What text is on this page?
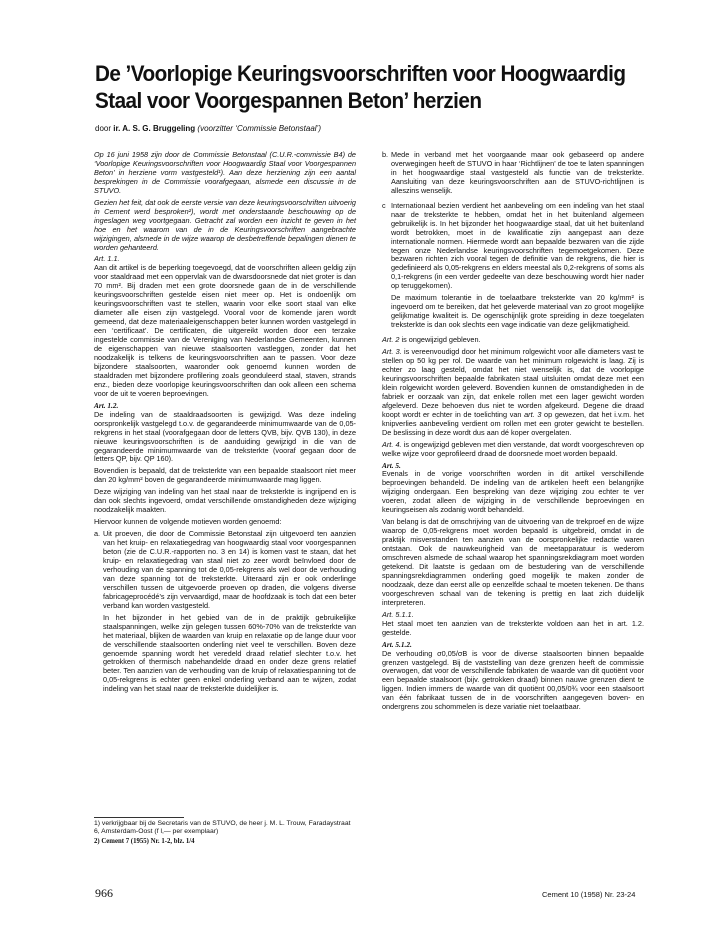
De ’Voorlopige Keuringsvoorschriften voor Hoogwaardig
Staal voor Voorgespannen Beton’ herzien
door ir. A. S. G. Bruggeling (voorzitter ‘Commissie Betonstaal’)

Op 16 juni 1958 zijn door de Commissie Betonstaal (C.U.R.-commissie B4) de ‘Voorlopige Keuringsvoorschriften voor Hoogwaardig Staal voor Voorgespannen Beton’ in herziene vorm vastgesteld¹). Aan deze herziening zijn een aantal besprekingen in de Commissie voorafgegaan, alsmede een discussie in de STUVO.

Gezien het feit, dat ook de eerste versie van deze keuringsvoorschriften uitvoerig in Cement werd besproken²), wordt met onderstaande beschouwing op de ingeslagen weg voortgegaan. Getracht zal worden een inzicht te geven in het hoe en het waarom van de in de Keuringsvoorschriften aangebrachte wijzigingen, alsmede in de wijze waarop de desbetreffende bepalingen dienen te worden gehanteerd.

Art. 1.1.

Aan dit artikel is de beperking toegevoegd, dat de voorschriften alleen geldig zijn voor staaldraad met een oppervlak van de dwarsdoorsnede dat niet groter is dan 70 mm². Bij draden met een grote doorsnede gaan de in de verschillende keuringsvoorschriften gestelde eisen niet meer op. Het is ondoenlijk om keuringsvoorschriften vast te stellen, waarin voor elke soort staal van elke diameter alle eisen zijn vastgelegd. Vooral voor de komende jaren wordt gemeend, dat deze materiaaleigenschappen beter kunnen worden vastgelegd in een ‘certificaat’. De certificaten, die uitgereikt worden door een terzake ingestelde commissie van de Vereniging van Nederlandse Gemeenten, kunnen de eigenschappen van nieuwe staalsoorten vastleggen, zonder dat het noodzakelijk is telkens de keuringsvoorschriften aan te passen. Voor deze bijzondere staalsoorten, waaronder ook genoemd kunnen worden de staaldraden met bijzondere profilering zoals geonduleerd staal, staven, strands enz., bieden deze voorlopige keuringsvoorschriften dan ook alleen een schema voor de uit te voeren beproevingen.

Art. 1.2.

De indeling van de staaldraadsoorten is gewijzigd. Was deze indeling oorspronkelijk vastgelegd t.o.v. de gegarandeerde minimumwaarde van de 0,05-rekgrens in het staal (voorafgegaan door de letters QVB, bijv. QVB 130), in deze nieuwe keuringsvoorschriften is de aanduiding gewijzigd in die van de gegarandeerde minimumwaarde van de treksterkte (vooraf gegaan door de letters QP, bijv. QP 160).

Bovendien is bepaald, dat de treksterkte van een bepaalde staalsoort niet meer dan 20 kg/mm² boven de gegarandeerde minimumwaarde mag liggen.

Deze wijziging van indeling van het staal naar de treksterkte is ingrijpend en is dan ook slechts ingevoerd, omdat verschillende omstandigheden deze wijziging noodzakelijk maakten.

Hiervoor kunnen de volgende motieven worden genoemd:

a. Uit proeven, die door de Commissie Betonstaal zijn uitgevoerd ten aanzien van het kruip- en relaxatiegedrag van hoogwaardig staal voor voorgespannen beton (zie de C.U.R.-rapporten no. 3 en 14) is komen vast te staan, dat het kruip- en relaxatiegedrag van staal niet zo zeer wordt beïnvloed door de verhouding van de spanning tot de 0,05-rekgrens als wel door de verhouding van deze spanning tot de treksterkte. Uiteraard zijn er ook onderlinge verschillen tussen de uitgevoerde proeven op draden, die volgens diverse fabricageprocédé’s zijn vervaardigd, maar de hoofdzaak is toch dat een beter verband kan worden vastgesteld.

In het bijzonder in het gebied van de in de praktijk gebruikelijke staalspanningen, welke zijn gelegen tussen 60%-70% van de treksterkte van het materiaal, blijken de waarden van kruip en relaxatie op de lange duur voor de verschillende staalsoorten onderling niet veel te verschillen. Boven deze genoemde spanning wordt het veredeld draad relatief slechter t.o.v. het getrokken of thermisch nabehandelde draad en onder deze grens relatief beter. Ten aanzien van de verhouding van de kruip of relaxatiespanning tot de 0,05-rekgrens is echter geen enkel onderling verband aan te wijzen, zodat indeling van het staal naar de treksterkte duidelijker is.

1) verkrijgbaar bij de Secretaris van de STUVO, de heer j. M. L. Trouw, Faradaystraat 6, Amsterdam-Oost (f l,— per exemplaar)
2) Cement 7 (1955) Nr. 1-2, blz. 1/4
b. Mede in verband met het voorgaande maar ook gebaseerd op andere overwegingen heeft de STUVO in haar ‘Richtlijnen’ de toe te laten spanningen in het hoogwaardige staal vastgesteld als functie van de treksterkte. Aansluiting van deze keuringsvoorschriften aan de STUVO-richtlijnen is alleszins wenselijk.

c Internationaal bezien verdient het aanbeveling om een indeling van het staal naar de treksterkte te hebben, omdat het in het buitenland algemeen gebruikelijk is. In het bijzonder het hoogwaardige staal, dat uit het buitenland wordt betrokken, moet in de kwalificatie zijn aangepast aan deze internationale normen. Hiermede wordt aan bepaalde bezwaren van die zijde tegen onze Nederlandse keuringsvoorschriften tegemoetgekomen. Deze bezwaren richten zich vooral tegen de definitie van de rekgrens, die hier is gedefinieerd als 0,05-rekgrens en elders meestal als 0,2-rekgrens of soms als 0,1-rekgrens (in een verder gedeelte van deze beschouwing wordt hier nader op teruggekomen).

De maximum tolerantie in de toelaatbare treksterkte van 20 kg/mm² is ingevoerd om te bereiken, dat het geleverde materiaal van zo groot mogelijke gelijkmatige kwaliteit is. De ogenschijnlijk grote spreiding in deze toegelaten treksterkte is dan ook slechts een vage indicatie van deze gelijkmatigheid.

Art. 2 is ongewijzigd gebleven.

Art. 3. is vereenvoudigd door het minimum rolgewicht voor alle diameters vast te stellen op 50 kg per rol. De waarde van het minimum rolgewicht is laag. Zij is echter zo laag gesteld, omdat het niet wenselijk is, dat de voorlopige keuringsvoorschriften bepaalde fabrikaten staal uitsluiten omdat deze met een klein rolgewicht worden geleverd. Bovendien kunnen de omstandigheden in de fabriek er oorzaak van zijn, dat enkele rollen met een lager gewicht worden afgeleverd. Deze behoeven dus niet te worden afgekeurd. Degene die draad koopt wordt er echter in de toelichting van art. 3 op gewezen, dat het i.v.m. het knipverlies aanbeveling verdient om rollen met een groter gewicht te bestellen. De beslissing in deze wordt dus aan dé koper overgelaten.

Art. 4. is ongewijzigd gebleven met dien verstande, dat wordt voorgeschreven op welke wijze voor geprofileerd draad de doorsnede moet worden bepaald.

Art. 5.

Evenals in de vorige voorschriften worden in dit artikel verschillende beproevingen behandeld. De indeling van de artikelen heeft een belangrijke wijziging ondergaan. Een bespreking van deze wijziging zou echter te ver voeren, zodat alleen de wijziging in de verschillende beproevingen en keuringseisen als zodanig wordt behandeld.

Van belang is dat de omschrijving van de uitvoering van de trekproef en de wijze waarop de 0,05-rekgrens moet worden bepaald is uitgebreid, omdat in de praktijk misverstanden ten aanzien van de oorspronkelijke redactie waren ontstaan. Ook de nauwkeurigheid van de meetapparatuur is wederom omschreven alsmede de schaal waarop het spanningsrekdiagram moet worden getekend. Dit laatste is gedaan om de bestudering van de verschillende spanningsrekdiagrammen onderling goed mogelijk te maken zonder de noodzaak, deze dan eerst alle op eenzelfde schaal te moeten tekenen. De thans voorgeschreven schaal van de tekening is prettig en laat zich duidelijk interpreteren.

Art. 5.1.1.

Het staal moet ten aanzien van de treksterkte voldoen aan het in art. 1.2. gestelde.

Art. 5.1.2.

De verhouding σ0,05/σB is voor de diverse staalsoorten binnen bepaalde grenzen vastgelegd. Bij de vaststelling van deze grenzen heeft de commissie overwogen, dat voor de verschillende fabrikaten de waarde van dit quotiënt voor een bepaalde staalsoort (bijv. getrokken draad) binnen nauwe grenzen dient te liggen. Indien immers de waarde van dit quotiënt 00,05/0¾ voor een staalsoort van één fabrikaat tussen de in de voorschriften aangegeven boven- en ondergrens zou schommelen is deze variatie niet toelaatbaar.

966	Cement 10 (1958) Nr. 23-24
